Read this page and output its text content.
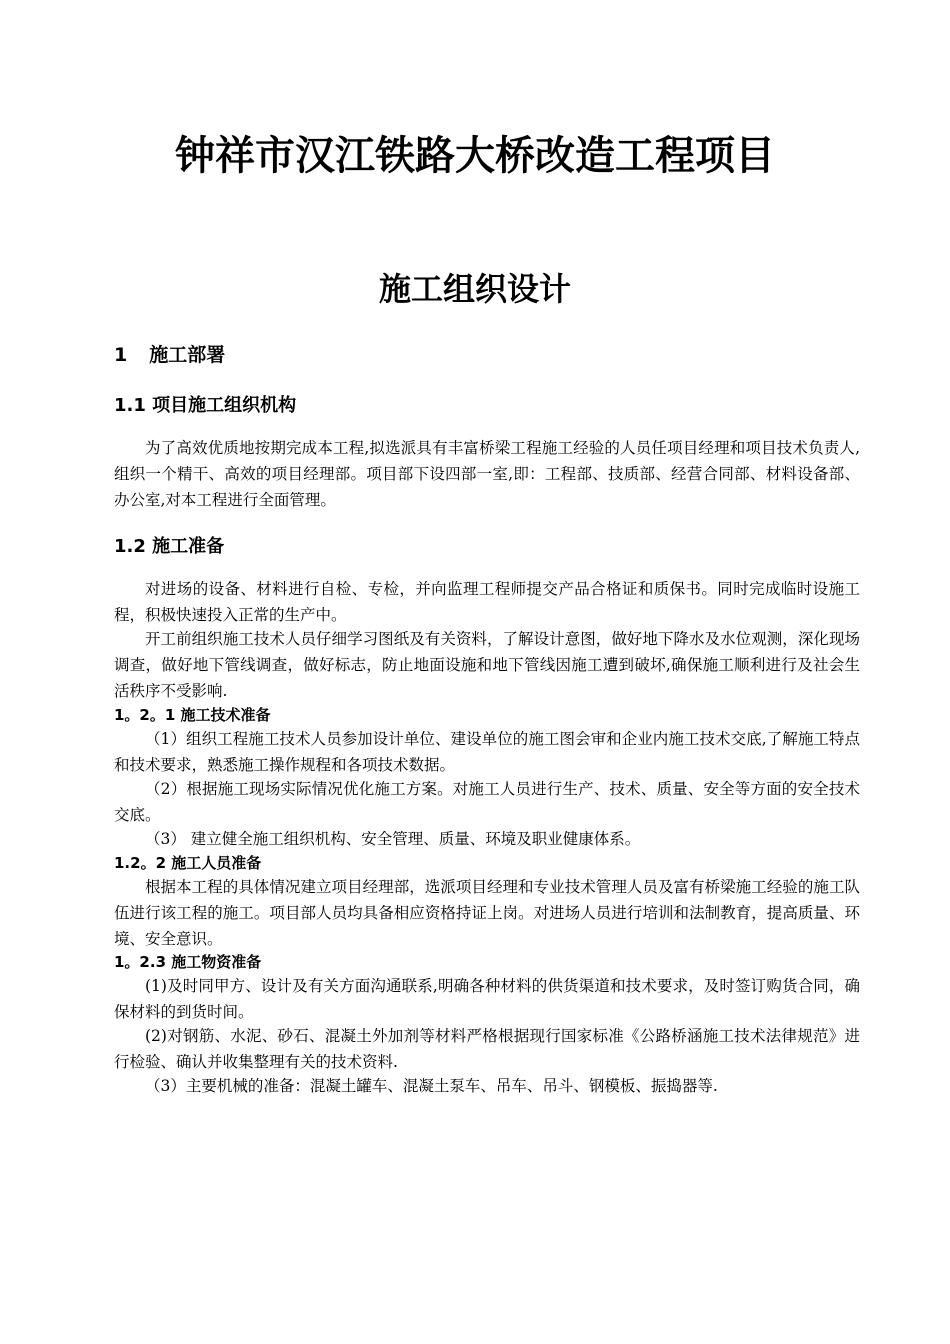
钟祥市汉江铁路大桥改造工程项目
施工组织设计
1 施工部署
1.1 项目施工组织机构
为了高效优质地按期完成本工程,拟选派具有丰富桥梁工程施工经验的人员任项目经理和项目技术负责人,组织一个精干、高效的项目经理部。项目部下设四部一室,即：工程部、技质部、经营合同部、材料设备部、办公室,对本工程进行全面管理。
1.2 施工准备
对进场的设备、材料进行自检、专检，并向监理工程师提交产品合格证和质保书。同时完成临时设施工程，积极快速投入正常的生产中。
开工前组织施工技术人员仔细学习图纸及有关资料，了解设计意图，做好地下降水及水位观测，深化现场调查，做好地下管线调查，做好标志，防止地面设施和地下管线因施工遭到破坏,确保施工顺利进行及社会生活秩序不受影响.
1。2。1 施工技术准备
（1）组织工程施工技术人员参加设计单位、建设单位的施工图会审和企业内施工技术交底,了解施工特点和技术要求，熟悉施工操作规程和各项技术数据。
（2）根据施工现场实际情况优化施工方案。对施工人员进行生产、技术、质量、安全等方面的安全技术交底。
（3） 建立健全施工组织机构、安全管理、质量、环境及职业健康体系。
1.2。2 施工人员准备
根据本工程的具体情况建立项目经理部，选派项目经理和专业技术管理人员及富有桥梁施工经验的施工队伍进行该工程的施工。项目部人员均具备相应资格持证上岗。对进场人员进行培训和法制教育，提高质量、环境、安全意识。
1。2.3 施工物资准备
(1)及时同甲方、设计及有关方面沟通联系,明确各种材料的供货渠道和技术要求，及时签订购货合同，确保材料的到货时间。
(2)对钢筋、水泥、砂石、混凝土外加剂等材料严格根据现行国家标准《公路桥涵施工技术法律规范》进行检验、确认并收集整理有关的技术资料.
（3）主要机械的准备：混凝土罐车、混凝土泵车、吊车、吊斗、钢模板、振捣器等.
